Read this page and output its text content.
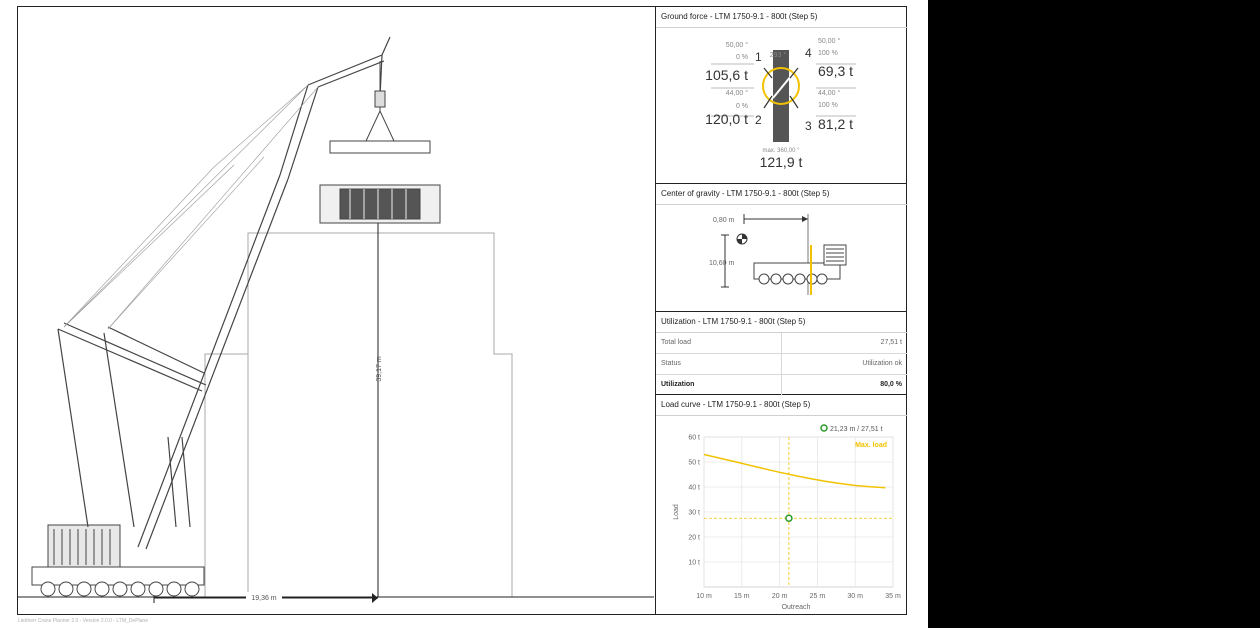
39,17 m
19,36 m
Ground force - LTM 1750-9.1 - 800t (Step 5)
293 °
50,00 °
0 % 1
105,6 t
44,00 °
0 %
2
120,0 t
4
50,00 °
100 %
69,3 t
3
44,00 °
100 %
81,2 t
max. 360,00 °
121,9 t
Center of gravity - LTM 1750-9.1 - 800t (Step 5)
0,80 m
10,60 m
Utilization - LTM 1750-9.1 - 800t (Step 5)
Total load	27,51 t
Status	Utilization ok
Utilization	80,0 %
Load curve - LTM 1750-9.1 - 800t (Step 5)
10 t
20 t
30 t
40 t
50 t
60 t
10 m	15 m	20 m	25 m	30 m	35 m
21,23 m / 27,51 t
Max. load
Outreach
Load
Liebherr Crane Planner 2.0 - Version 2.0.0 - LTM_DePlane
